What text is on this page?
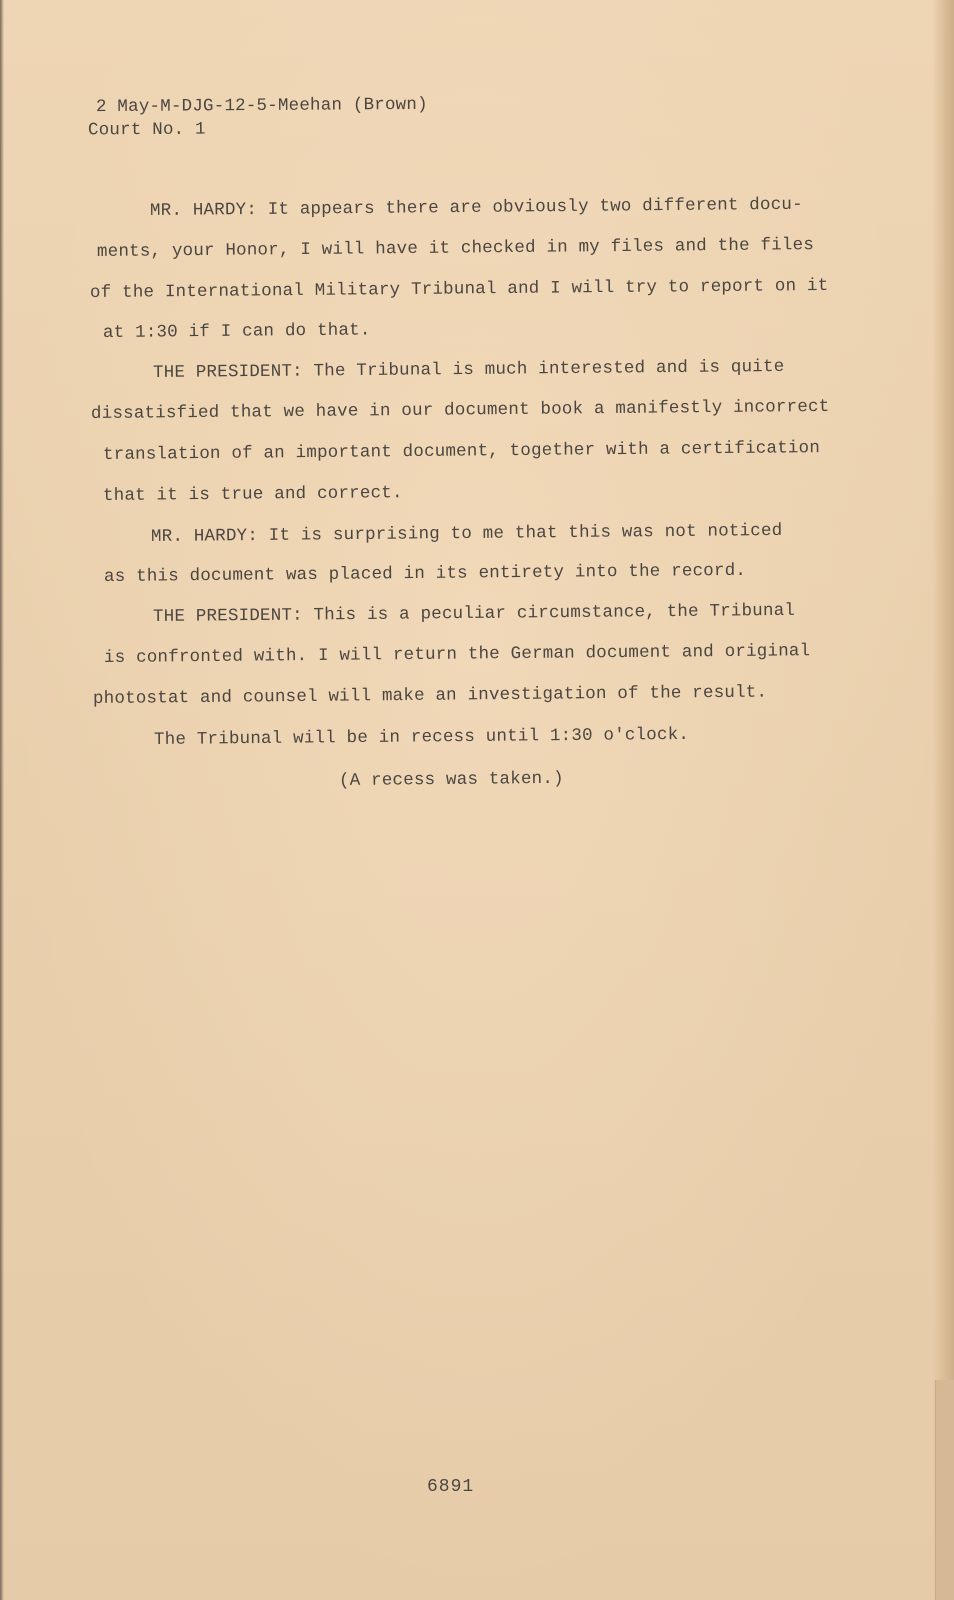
2 May-M-DJG-12-5-Meehan (Brown)
Court No. 1
MR. HARDY: It appears there are obviously two different docu-
ments, your Honor, I will have it checked in my files and the files
of the International Military Tribunal and I will try to report on it
at 1:30 if I can do that.
THE PRESIDENT: The Tribunal is much interested and is quite
dissatisfied that we have in our document book a manifestly incorrect
translation of an important document, together with a certification
that it is true and correct.
MR. HARDY: It is surprising to me that this was not noticed
as this document was placed in its entirety into the record.
THE PRESIDENT: This is a peculiar circumstance, the Tribunal
is confronted with. I will return the German document and original
photostat and counsel will make an investigation of the result.
The Tribunal will be in recess until 1:30 o'clock.
(A recess was taken.)
6891
